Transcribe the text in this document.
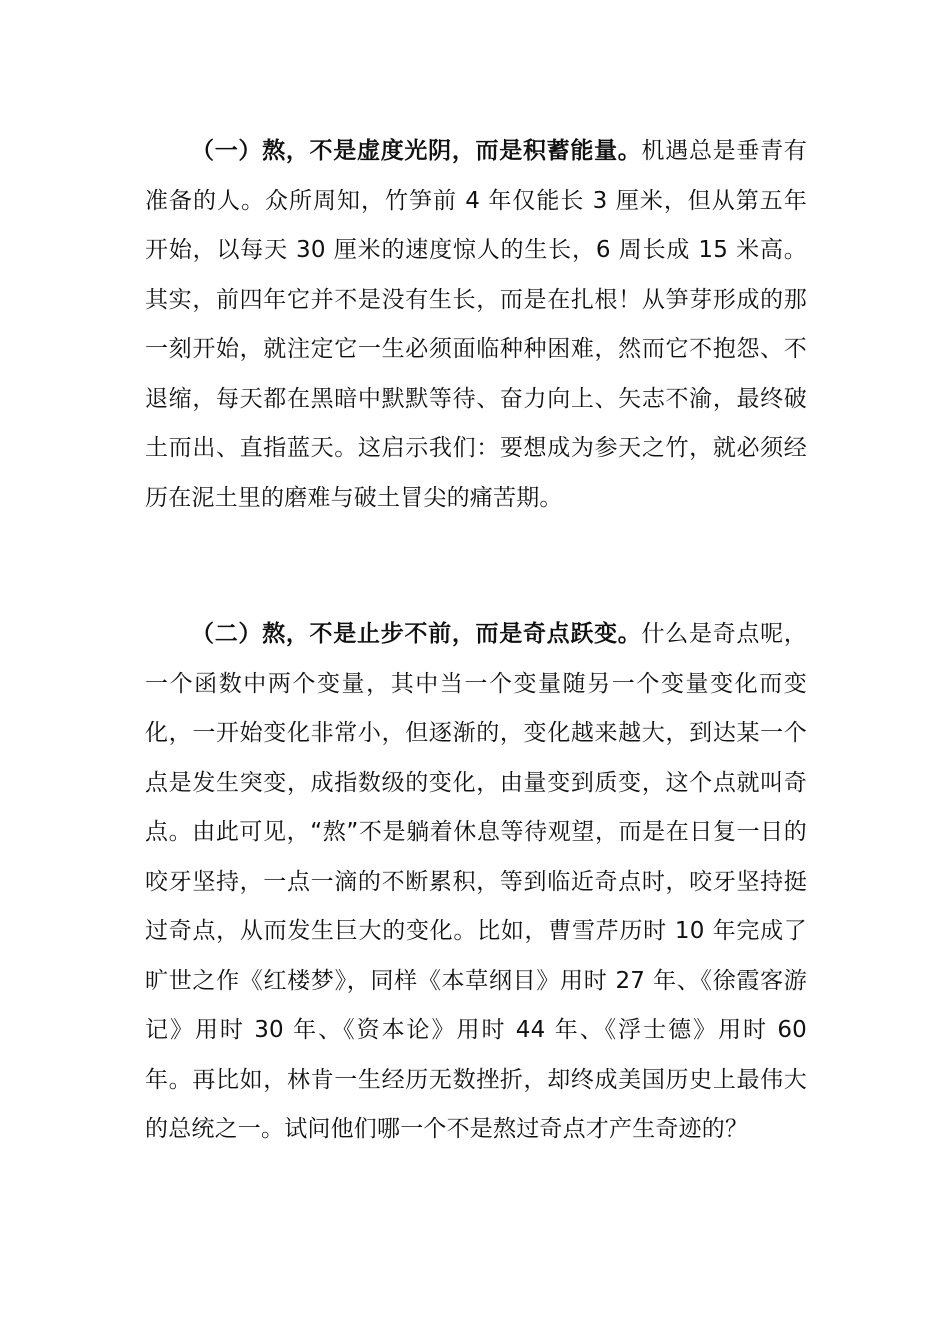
（一）熬，不是虚度光阴，而是积蓄能量。机遇总是垂青有准备的人。众所周知，竹笋前 4 年仅能长 3 厘米，但从第五年开始，以每天 30 厘米的速度惊人的生长，6 周长成 15 米高。其实，前四年它并不是没有生长，而是在扎根！从笋芽形成的那一刻开始，就注定它一生必须面临种种困难，然而它不抱怨、不退缩，每天都在黑暗中默默等待、奋力向上、矢志不渝，最终破土而出、直指蓝天。这启示我们：要想成为参天之竹，就必须经历在泥土里的磨难与破土冒尖的痛苦期。

（二）熬，不是止步不前，而是奇点跃变。什么是奇点呢，一个函数中两个变量，其中当一个变量随另一个变量变化而变化，一开始变化非常小，但逐渐的，变化越来越大，到达某一个点是发生突变，成指数级的变化，由量变到质变，这个点就叫奇点。由此可见，“熬”不是躺着休息等待观望，而是在日复一日的咬牙坚持，一点一滴的不断累积，等到临近奇点时，咬牙坚持挺过奇点，从而发生巨大的变化。比如，曹雪芹历时 10 年完成了旷世之作《红楼梦》，同样《本草纲目》用时 27 年、《徐霞客游记》用时 30 年、《资本论》用时 44 年、《浮士德》用时 60 年。再比如，林肯一生经历无数挫折，却终成美国历史上最伟大的总统之一。试问他们哪一个不是熬过奇点才产生奇迹的？
